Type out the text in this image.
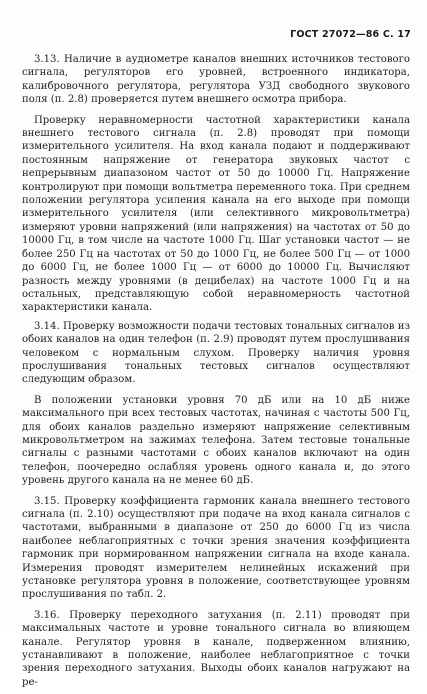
ГОСТ 27072—86 С. 17

3.13. Наличие в аудиометре каналов внешних источников тестового сигнала, регуляторов его уровней, встроенного индикатора, калибровочного регулятора, регулятора УЗД свободного звукового поля (п. 2.8) проверяется путем внешнего осмотра прибора.

Проверку неравномерности частотной характеристики канала внешнего тестового сигнала (п. 2.8) проводят при помощи измерительного усилителя. На вход канала подают и поддерживают постоянным напряжение от генератора звуковых частот с непрерывным диапазоном частот от 50 до 10000 Гц. Напряжение контролируют при помощи вольтметра переменного тока. При среднем положении регулятора усиления канала на его выходе при помощи измерительного усилителя (или селективного микровольтметра) измеряют уровни напряжений (или напряжения) на частотах от 50 до 10000 Гц, в том числе на частоте 1000 Гц. Шаг установки частот — не более 250 Гц на частотах от 50 до 1000 Гц, не более 500 Гц — от 1000 до 6000 Гц, не более 1000 Гц — от 6000 до 10000 Гц. Вычисляют разность между уровнями (в децибелах) на частоте 1000 Гц и на остальных, представляющую собой неравномерность частотной характеристики канала.

3.14. Проверку возможности подачи тестовых тональных сигналов из обоих каналов на один телефон (п. 2.9) проводят путем прослушивания человеком с нормальным слухом. Проверку наличия уровня прослушивания тональных тестовых сигналов осуществляют следующим образом.

В положении установки уровня 70 дБ или на 10 дБ ниже максимального при всех тестовых частотах, начиная с частоты 500 Гц, для обоих каналов раздельно измеряют напряжение селективным микровольтметром на зажимах телефона. Затем тестовые тональные сигналы с разными частотами с обоих каналов включают на один телефон, поочередно ослабляя уровень одного канала и, до этого уровень другого канала на не менее 60 дБ.

3.15. Проверку коэффициента гармоник канала внешнего тестового сигнала (п. 2.10) осуществляют при подаче на вход канала сигналов с частотами, выбранными в диапазоне от 250 до 6000 Гц из числа наиболее неблагоприятных с точки зрения значения коэффициента гармоник при нормированном напряжении сигнала на входе канала. Измерения проводят измерителем нелинейных искажений при установке регулятора уровня в положение, соответствующее уровням прослушивания по табл. 2.

3.16. Проверку переходного затухания (п. 2.11) проводят при максимальных частоте и уровне тонального сигнала во влияющем канале. Регулятор уровня в канале, подверженном влиянию, устанавливают в положение, наиболее неблагоприятное с точки зрения переходного затухания. Выходы обоих каналов нагружают на ре-
